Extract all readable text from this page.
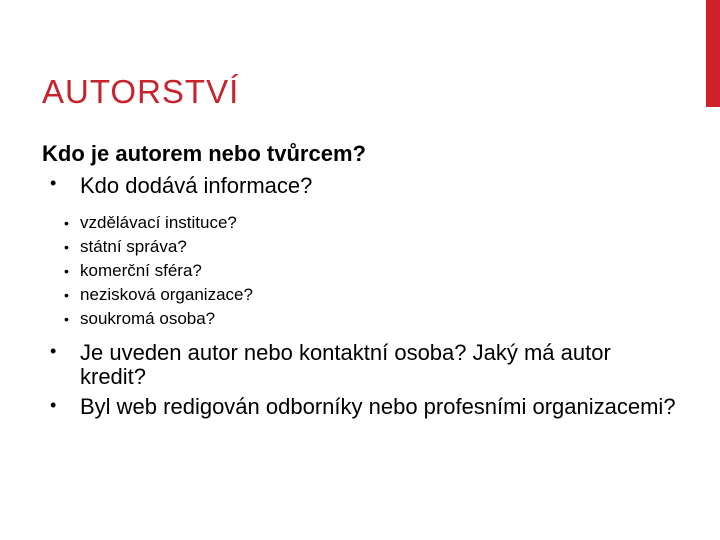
AUTORSTVÍ

Kdo je autorem nebo tvůrcem?

• Kdo dodává informace?
• vzdělávací instituce?
• státní správa?
• komerční sféra?
• nezisková organizace?
• soukromá osoba?
• Je uveden autor nebo kontaktní osoba? Jaký má autor kredit?
• Byl web redigován odborníky nebo profesními organizacemi?
